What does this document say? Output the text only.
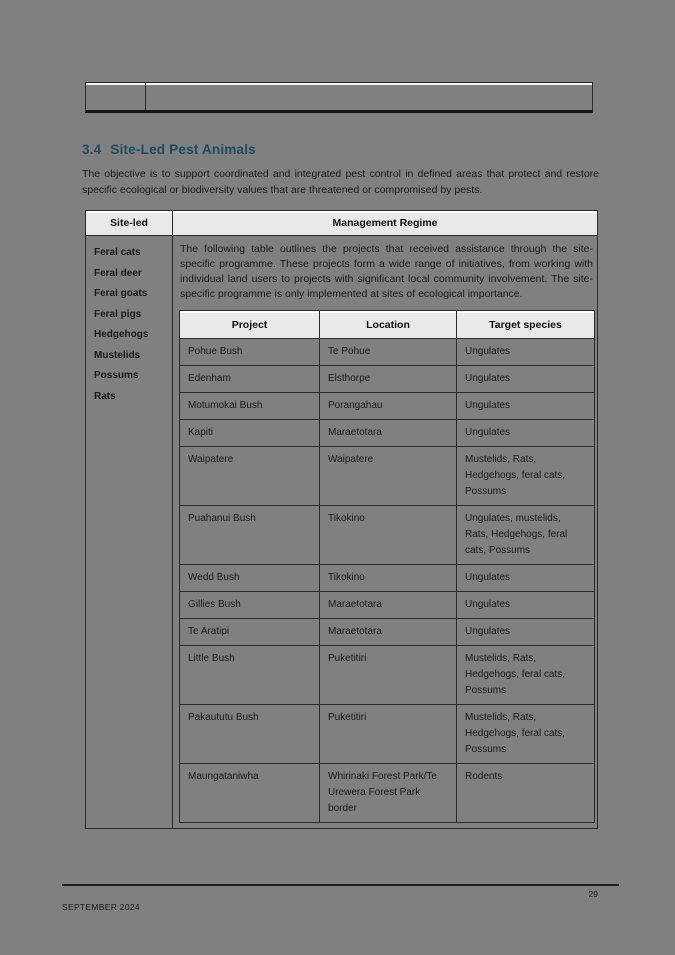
3.4 Site-Led Pest Animals

The objective is to support coordinated and integrated pest control in defined areas that protect and restore specific ecological or biodiversity values that are threatened or compromised by pests.

Site-led	Management Regime
Feral cats
Feral deer
Feral goats
Feral pigs
Hedgehogs
Mustelids
Possums
Rats

The following table outlines the projects that received assistance through the site-specific programme. These projects form a wide range of initiatives, from working with individual land users to projects with significant local community involvement. The site-specific programme is only implemented at sites of ecological importance.

Project	Location	Target species
Pohue Bush	Te Pohue	Ungulates
Edenham	Elsthorpe	Ungulates
Motumokai Bush	Porangahau	Ungulates
Kapiti	Maraetotara	Ungulates
Waipatere	Waipatere	Mustelids, Rats, Hedgehogs, feral cats, Possums
Puahanui Bush	Tikokino	Ungulates, mustelids, Rats, Hedgehogs, feral cats, Possums
Wedd Bush	Tikokino	Ungulates
Gillies Bush	Maraetotara	Ungulates
Te Aratipi	Maraetotara	Ungulates
Little Bush	Puketitiri	Mustelids, Rats, Hedgehogs, feral cats, Possums
Pakaututu Bush	Puketitiri	Mustelids, Rats, Hedgehogs, feral cats, Possums
Maungataniwha	Whirinaki Forest Park/Te Urewera Forest Park border	Rodents
29
SEPTEMBER 2024
